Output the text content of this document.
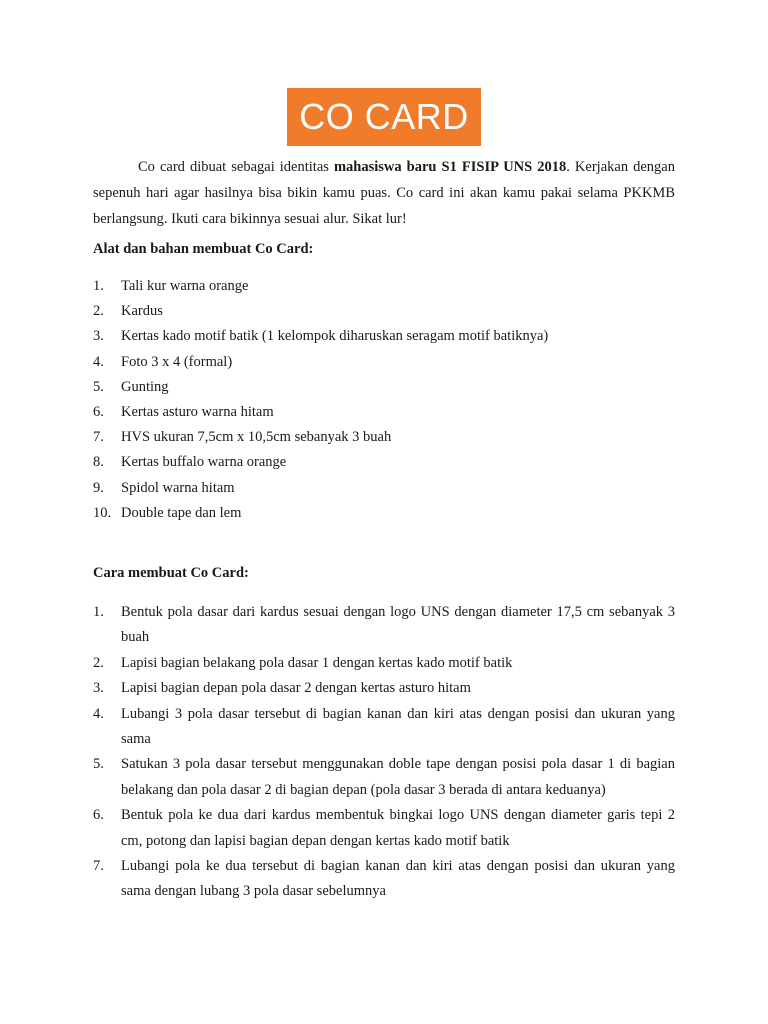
CO CARD

Co card dibuat sebagai identitas mahasiswa baru S1 FISIP UNS 2018. Kerjakan dengan sepenuh hari agar hasilnya bisa bikin kamu puas. Co card ini akan kamu pakai selama PKKMB berlangsung. Ikuti cara bikinnya sesuai alur. Sikat lur!

Alat dan bahan membuat Co Card:
1.	Tali kur warna orange
2.	Kardus
3.	Kertas kado motif batik (1 kelompok diharuskan seragam motif batiknya)
4.	Foto 3 x 4 (formal)
5.	Gunting
6.	Kertas asturo warna hitam
7.	HVS ukuran 7,5cm x 10,5cm sebanyak 3 buah
8.	Kertas buffalo warna orange
9.	Spidol warna hitam
10. Double tape dan lem
Cara membuat Co Card:
1.	Bentuk pola dasar dari kardus sesuai dengan logo UNS dengan diameter 17,5 cm sebanyak 3 buah
2.	Lapisi bagian belakang pola dasar 1 dengan kertas kado motif batik
3.	Lapisi bagian depan pola dasar 2 dengan kertas asturo hitam
4.	Lubangi 3 pola dasar tersebut di bagian kanan dan kiri atas dengan posisi dan ukuran yang sama
5.	Satukan 3 pola dasar tersebut menggunakan doble tape dengan posisi pola dasar 1 di bagian belakang dan pola dasar 2 di bagian depan (pola dasar 3 berada di antara keduanya)
6.	Bentuk pola ke dua dari kardus membentuk bingkai logo UNS dengan diameter garis tepi 2 cm, potong dan lapisi bagian depan dengan kertas kado motif batik
7.	Lubangi pola ke dua tersebut di bagian kanan dan kiri atas dengan posisi dan ukuran yang sama dengan lubang 3 pola dasar sebelumnya
